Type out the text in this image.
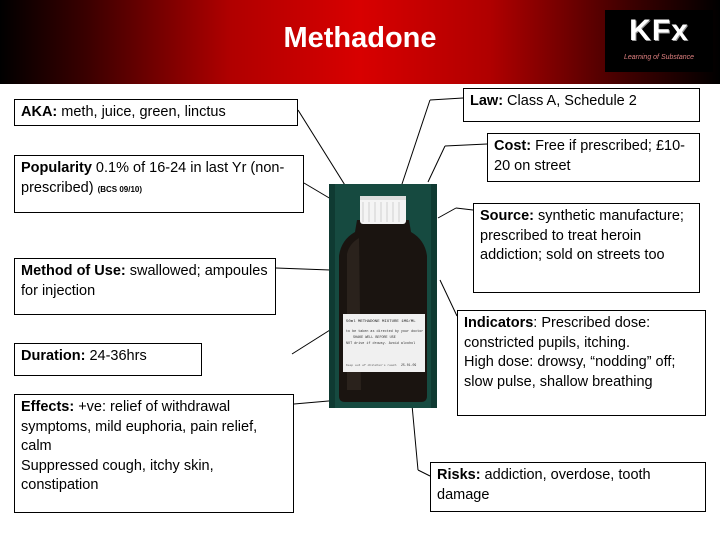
Methadone	KFx
Learning of Substance
50ml METHADONE MIXTURE 1MG/ML
to be taken as directed by your doctor
SHAKE WELL BEFORE USE
NOT drive if drowsy. Avoid alcohol
Keep out of children's reach 25.01.09
AKA: meth, juice, green, linctus
Popularity 0.1% of 16-24 in last Yr (non-prescribed) (BCS 09/10)
Method of Use: swallowed; ampoules for injection
Duration: 24-36hrs
Effects: +ve: relief of withdrawal symptoms, mild euphoria, pain relief, calm
Suppressed cough, itchy skin, constipation
Law: Class A, Schedule 2
Cost: Free if prescribed; £10-20 on street
Source: synthetic manufacture; prescribed to treat heroin addiction; sold on streets too
Indicators: Prescribed dose: constricted pupils, itching.
High dose: drowsy, “nodding” off; slow pulse, shallow breathing
Risks: addiction, overdose, tooth damage
